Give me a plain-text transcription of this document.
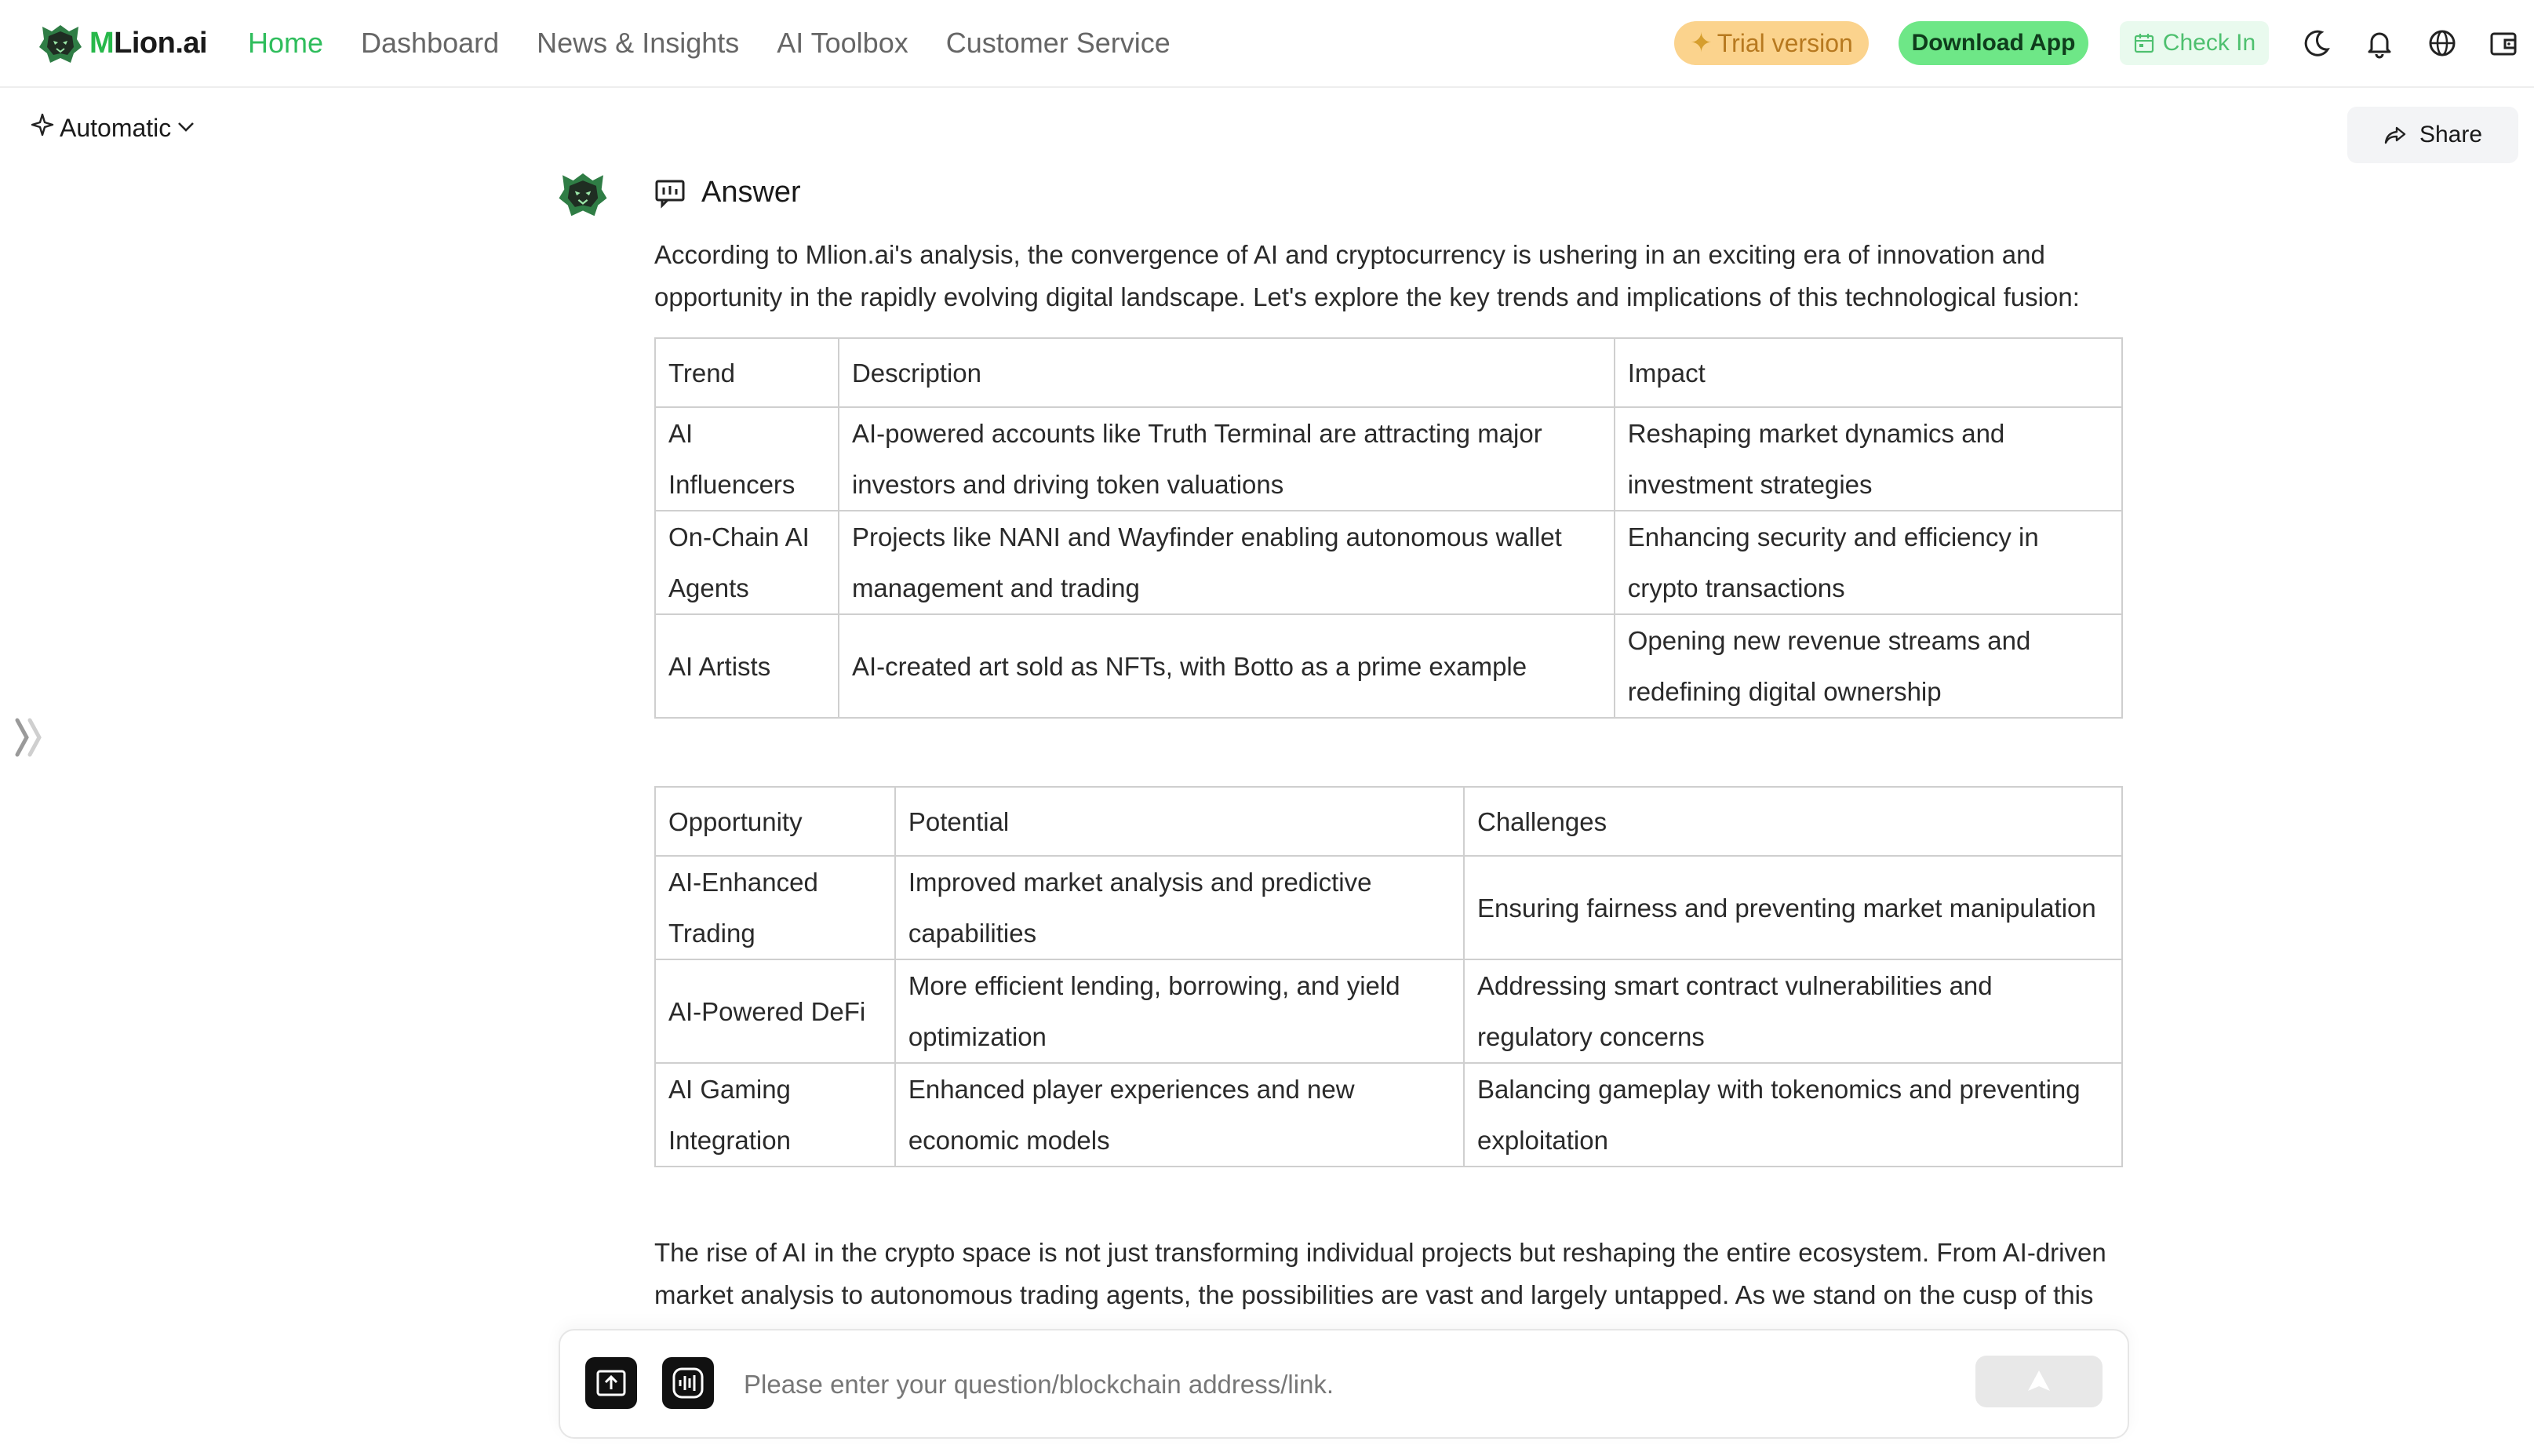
MLion.ai Home Dashboard News & Insights AI Toolbox Customer Service	✦ Trial version	Download App	Check In
Automatic	Share
Answer

According to Mlion.ai's analysis, the convergence of AI and cryptocurrency is ushering in an exciting era of innovation and opportunity in the rapidly evolving digital landscape. Let's explore the key trends and implications of this technological fusion:

Trend	Description	Impact
AI Influencers	AI-powered accounts like Truth Terminal are attracting major investors and driving token valuations	Reshaping market dynamics and investment strategies
On-Chain AI Agents	Projects like NANI and Wayfinder enabling autonomous wallet management and trading	Enhancing security and efficiency in crypto transactions
AI Artists	AI-created art sold as NFTs, with Botto as a prime example	Opening new revenue streams and redefining digital ownership
Opportunity	Potential	Challenges
AI-Enhanced Trading	Improved market analysis and predictive capabilities	Ensuring fairness and preventing market manipulation
AI-Powered DeFi	More efficient lending, borrowing, and yield optimization	Addressing smart contract vulnerabilities and regulatory concerns
AI Gaming Integration	Enhanced player experiences and new economic models	Balancing gameplay with tokenomics and preventing exploitation

The rise of AI in the crypto space is not just transforming individual projects but reshaping the entire ecosystem. From AI-driven market analysis to autonomous trading agents, the possibilities are vast and largely untapped. As we stand on the cusp of this

Please enter your question/blockchain address/link.
